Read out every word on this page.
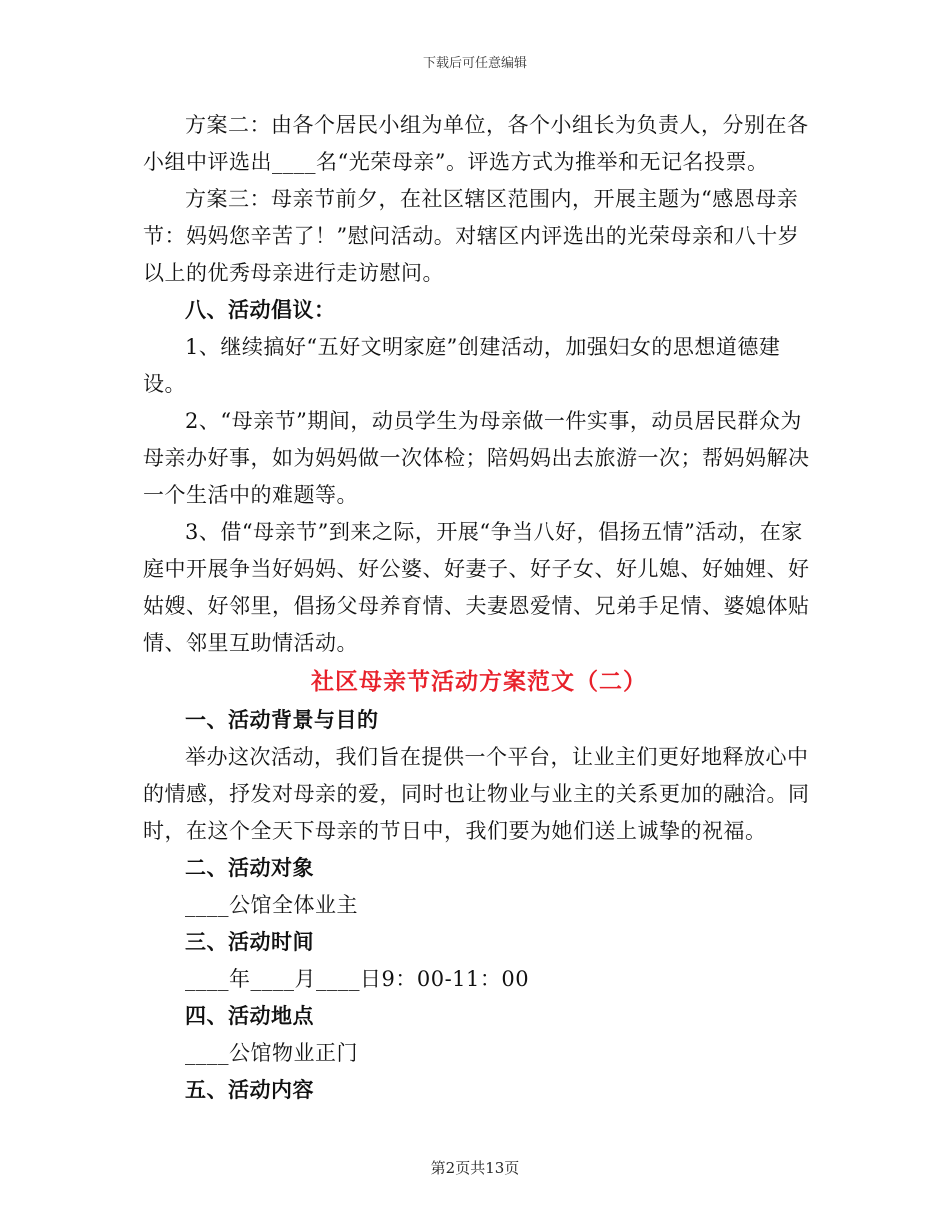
下载后可任意编辑

方案二：由各个居民小组为单位，各个小组长为负责人，分别在各小组中评选出____名“光荣母亲”。评选方式为推举和无记名投票。

方案三：母亲节前夕，在社区辖区范围内，开展主题为“感恩母亲节：妈妈您辛苦了！”慰问活动。对辖区内评选出的光荣母亲和八十岁以上的优秀母亲进行走访慰问。

八、活动倡议：

1、继续搞好“五好文明家庭”创建活动，加强妇女的思想道德建设。

2、“母亲节”期间，动员学生为母亲做一件实事，动员居民群众为母亲办好事，如为妈妈做一次体检；陪妈妈出去旅游一次；帮妈妈解决一个生活中的难题等。

3、借“母亲节”到来之际，开展“争当八好，倡扬五情”活动，在家庭中开展争当好妈妈、好公婆、好妻子、好子女、好儿媳、好妯娌、好姑嫂、好邻里，倡扬父母养育情、夫妻恩爱情、兄弟手足情、婆媳体贴情、邻里互助情活动。

社区母亲节活动方案范文（二）

一、活动背景与目的

举办这次活动，我们旨在提供一个平台，让业主们更好地释放心中的情感，抒发对母亲的爱，同时也让物业与业主的关系更加的融洽。同时，在这个全天下母亲的节日中，我们要为她们送上诚挚的祝福。

二、活动对象

____公馆全体业主

三、活动时间

____年____月____日9：00-11：00

四、活动地点

____公馆物业正门

五、活动内容

第2页共13页
